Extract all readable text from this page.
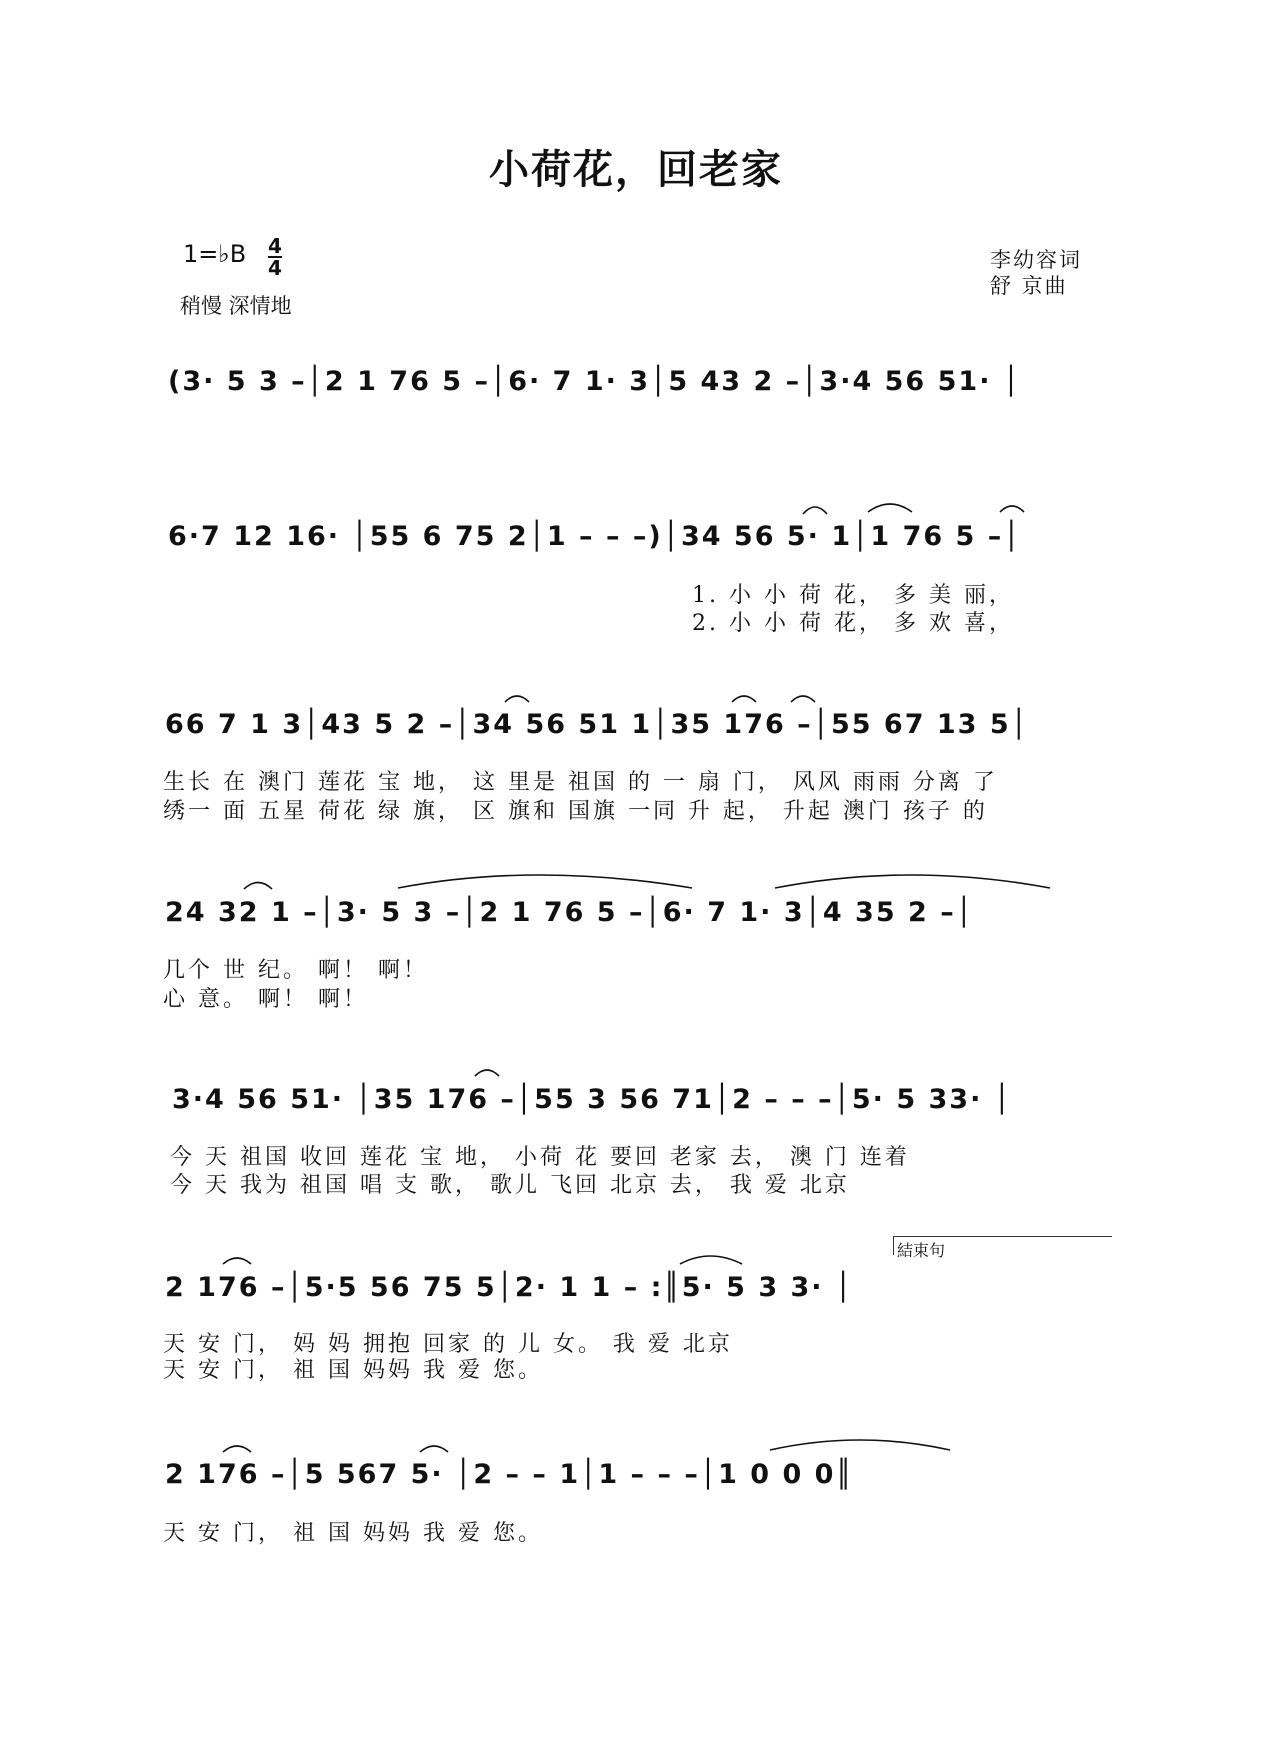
小荷花，回老家
1=♭B 4
4
稍慢 深情地
李幼容词
舒 京曲
(3· 5 3 –│2 1 76 5 –│6· 7 1· 3│5 43 2 –│3·4 56 51· │
6·7 12 16· │55 6 75 2│1 – – –)│34 56 5· 1│1 76 5 –│
1. 小 小 荷 花， 多 美 丽，
2. 小 小 荷 花， 多 欢 喜，
66 7 1 3│43 5 2 –│34 56 51 1│35 176 –│55 67 13 5│
生长 在 澳门 莲花 宝 地， 这 里是 祖国 的 一 扇 门， 风风 雨雨 分离 了
绣一 面 五星 荷花 绿 旗， 区 旗和 国旗 一同 升 起， 升起 澳门 孩子 的
24 32 1 –│3· 5 3 –│2 1 76 5 –│6· 7 1· 3│4 35 2 –│
几个 世 纪。 啊！ 啊！
心 意。 啊！ 啊！
3·4 56 51· │35 176 –│55 3 56 71│2 – – –│5· 5 33· │
今 天 祖国 收回 莲花 宝 地， 小荷 花 要回 老家 去， 澳 门 连着
今 天 我为 祖国 唱 支 歌， 歌儿 飞回 北京 去， 我 爱 北京
結束句
2 176 –│5·5 56 75 5│2· 1 1 – :║5· 5 3 3· │
天 安 门， 妈 妈 拥抱 回家 的 儿 女。 我 爱 北京
天 安 门， 祖 国 妈妈 我 爱 您。
2 176 –│5 567 5· │2 – – 1│1 – – –│1 0 0 0║
天 安 门， 祖 国 妈妈 我 爱 您。
